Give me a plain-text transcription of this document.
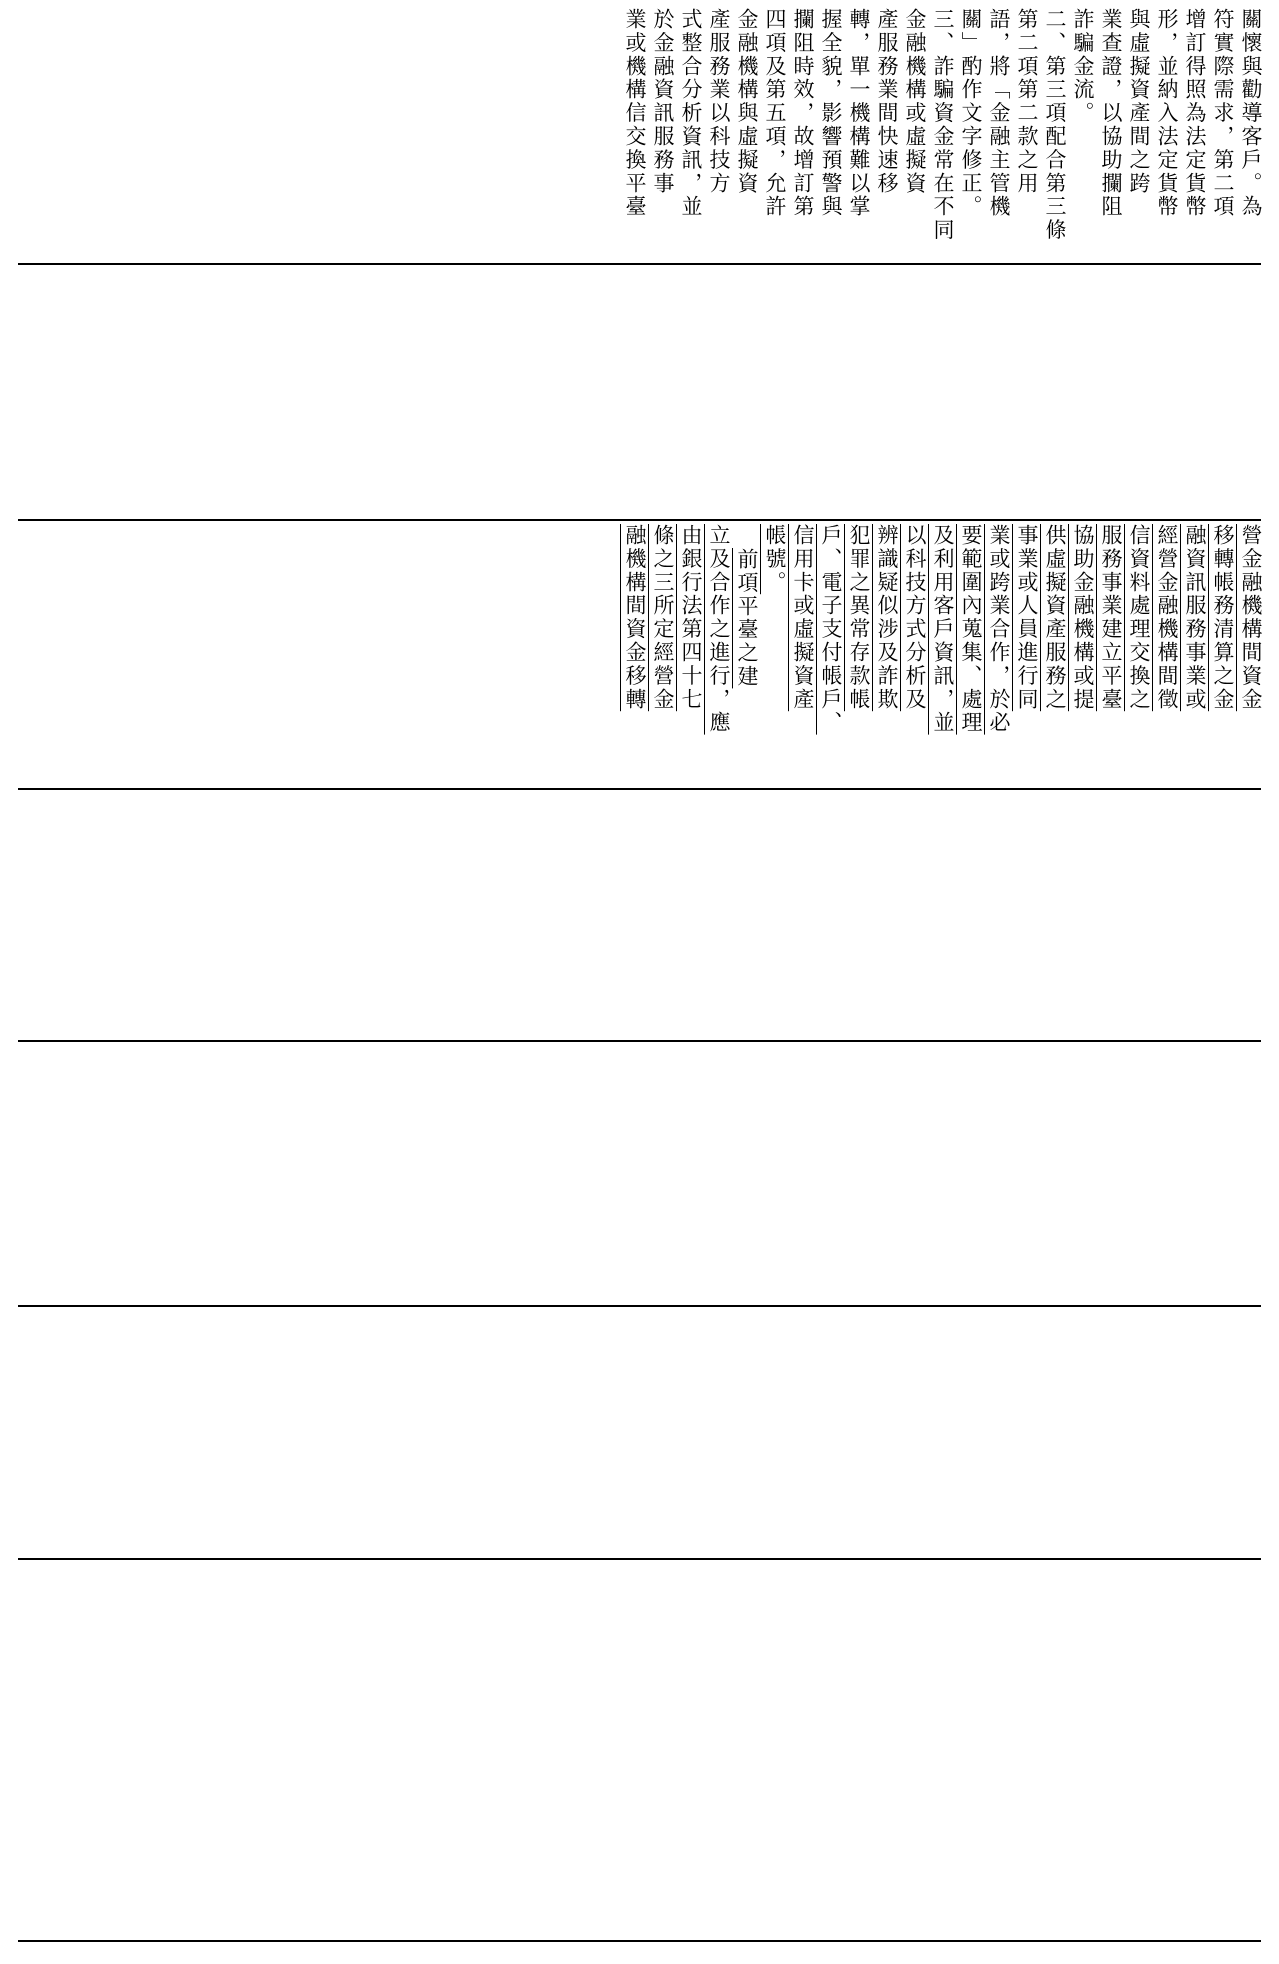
關懷與勸導客戶。為
符實際需求，第二項
增訂得照為法定貨幣
形，並納入法定貨幣
與虛擬資產間之跨
業查證，以協助攔阻
詐騙金流。
二、第三項配合第三條
第二項第二款之用
語，將「金融主管機
關」酌作文字修正。
三、詐騙資金常在不同
金融機構或虛擬資
產服務業間快速移
轉，單一機構難以掌
握全貌，影響預警與
攔阻時效，故增訂第
四項及第五項，允許
金融機構與虛擬資
產服務業以科技方
式整合分析資訊，並
於金融資訊服務事
業或機構信交換平臺
營金融機構間資金
移轉帳務清算之金
融資訊服務事業或
經營金融機構間徵
信資料處理交換之
服務事業建立平臺
協助金融機構或提
供虛擬資產服務之
事業或人員進行同
業或跨業合作，於必
要範圍內蒐集、處理
及利用客戶資訊，並
以科技方式分析及
辨識疑似涉及詐欺
犯罪之異常存款帳
戶、電子支付帳戶、
信用卡或虛擬資產
帳號。
前項平臺之建
立及合作之進行，應
由銀行法第四十七
條之三所定經營金
融機構間資金移轉
